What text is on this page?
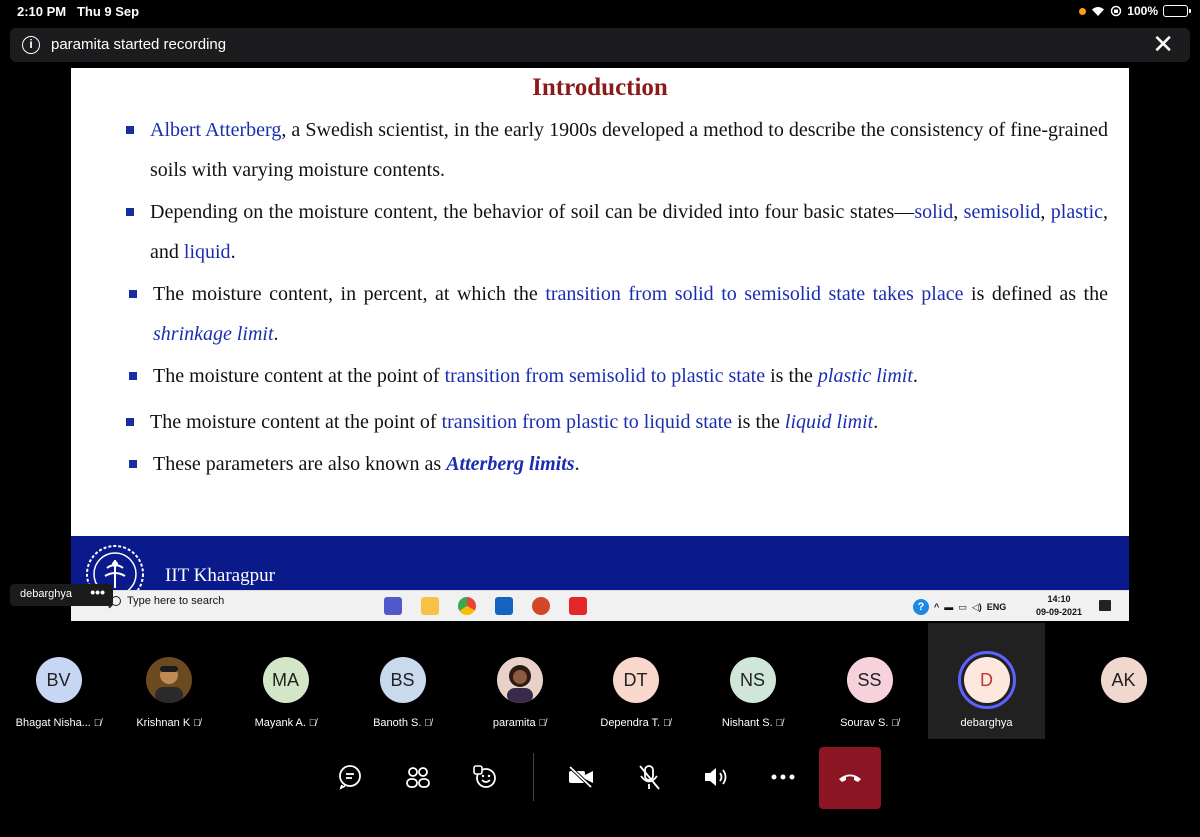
2:10 PM Thu 9 Sep	100%
i	paramita started recording	✕
Introduction
Albert Atterberg, a Swedish scientist, in the early 1900s developed a method to describe the consistency of fine-grained soils with varying moisture contents.
Depending on the moisture content, the behavior of soil can be divided into four basic states—solid, semisolid, plastic, and liquid.
The moisture content, in percent, at which the transition from solid to semisolid state takes place is defined as the shrinkage limit.
The moisture content at the point of transition from semisolid to plastic state is the plastic limit.
The moisture content at the point of transition from plastic to liquid state is the liquid limit.
These parameters are also known as Atterberg limits.
IIT Kharagpur
Type here to search	?	^ ▬ ▭ ◁) ENG
14:10
09-09-2021
debarghya •••
BV
Bhagat Nisha... 🎙̸	Krishnan K 🎙̸
MA
Mayank A. 🎙̸
BS
Banoth S. 🎙̸	paramita 🎙̸
DT
Dependra T. 🎙̸
NS
Nishant S. 🎙̸
SS
Sourav S. 🎙̸
D
debarghya
AK
